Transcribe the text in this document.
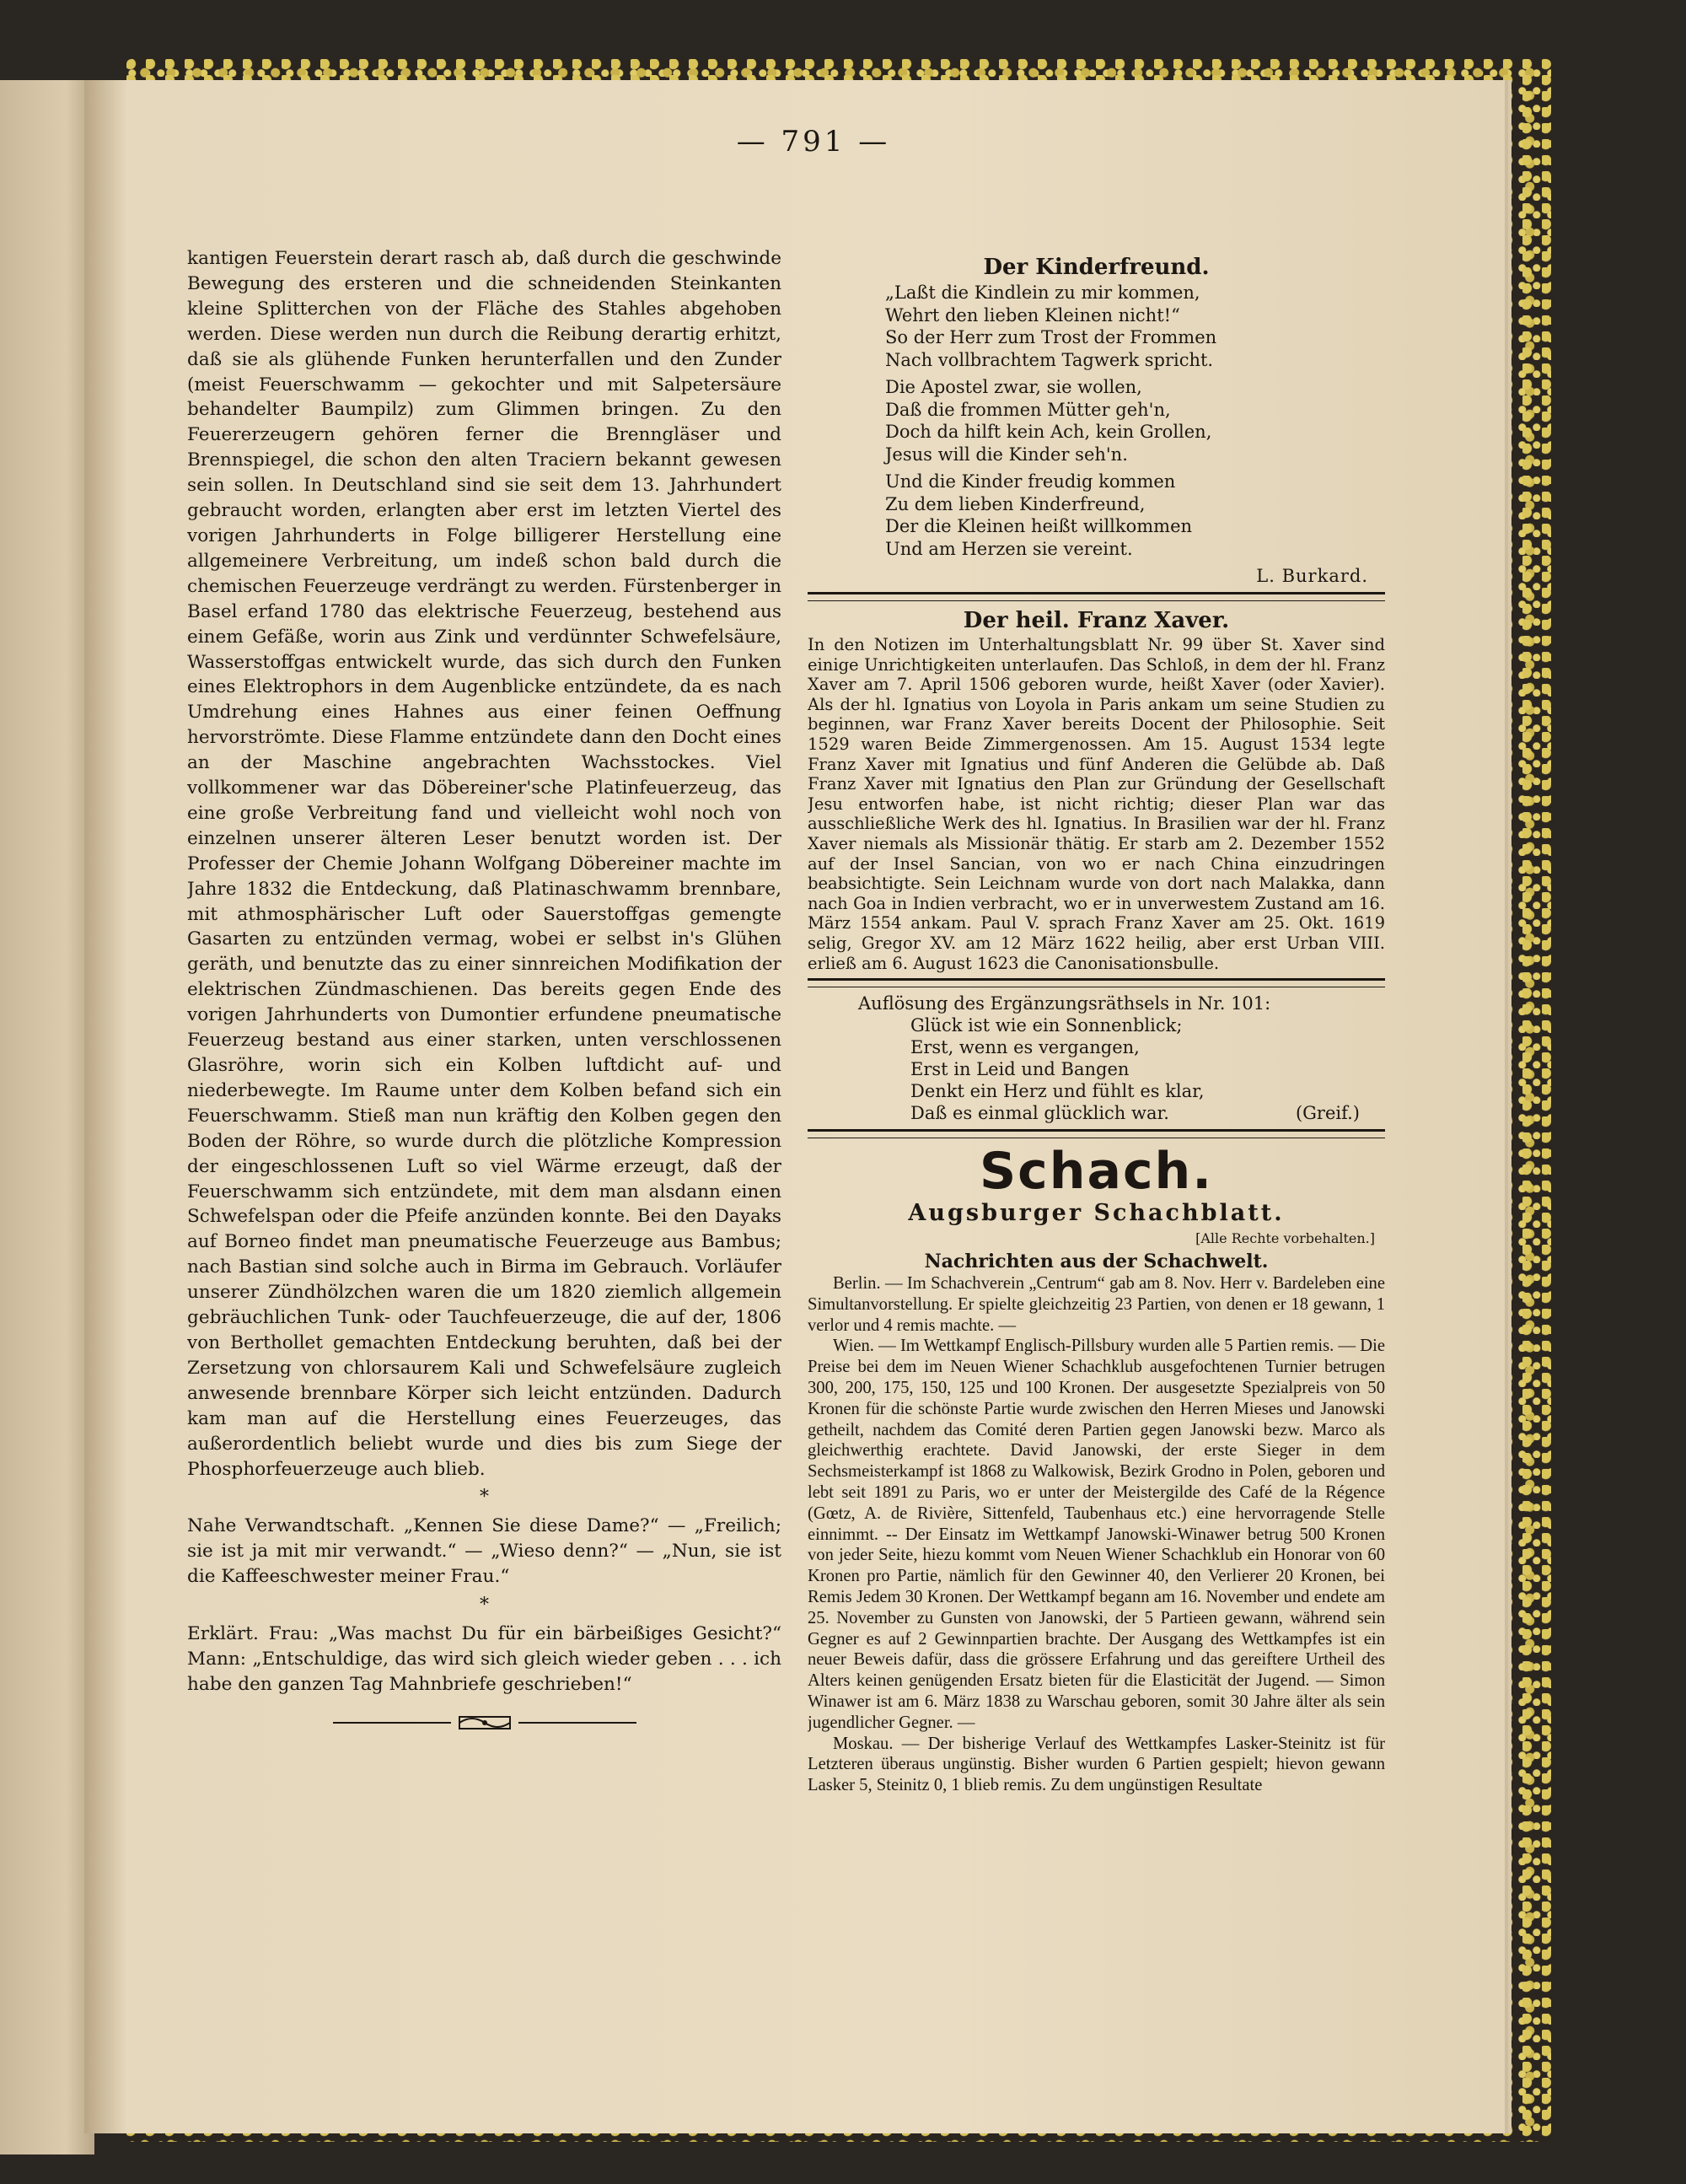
— 791 —

kantigen Feuerstein derart rasch ab, daß durch die geschwinde Bewegung des ersteren und die schneidenden Steinkanten kleine Splitterchen von der Fläche des Stahles abgehoben werden. Diese werden nun durch die Reibung derartig erhitzt, daß sie als glühende Funken herunterfallen und den Zunder (meist Feuerschwamm — gekochter und mit Salpetersäure behandelter Baumpilz) zum Glimmen bringen. Zu den Feuererzeugern gehören ferner die Brenngläser und Brennspiegel, die schon den alten Traciern bekannt gewesen sein sollen. In Deutschland sind sie seit dem 13. Jahrhundert gebraucht worden, erlangten aber erst im letzten Viertel des vorigen Jahrhunderts in Folge billigerer Herstellung eine allgemeinere Verbreitung, um indeß schon bald durch die chemischen Feuerzeuge verdrängt zu werden. Fürstenberger in Basel erfand 1780 das elektrische Feuerzeug, bestehend aus einem Gefäße, worin aus Zink und verdünnter Schwefelsäure, Wasserstoffgas entwickelt wurde, das sich durch den Funken eines Elektrophors in dem Augenblicke entzündete, da es nach Umdrehung eines Hahnes aus einer feinen Oeffnung hervorströmte. Diese Flamme entzündete dann den Docht eines an der Maschine angebrachten Wachsstockes. Viel vollkommener war das Döbereiner'sche Platinfeuerzeug, das eine große Verbreitung fand und vielleicht wohl noch von einzelnen unserer älteren Leser benutzt worden ist. Der Professer der Chemie Johann Wolfgang Döbereiner machte im Jahre 1832 die Entdeckung, daß Platinaschwamm brennbare, mit athmosphärischer Luft oder Sauerstoffgas gemengte Gasarten zu entzünden vermag, wobei er selbst in's Glühen geräth, und benutzte das zu einer sinnreichen Modifikation der elektrischen Zündmaschienen. Das bereits gegen Ende des vorigen Jahrhunderts von Dumontier erfundene pneumatische Feuerzeug bestand aus einer starken, unten verschlossenen Glasröhre, worin sich ein Kolben luftdicht auf- und niederbewegte. Im Raume unter dem Kolben befand sich ein Feuerschwamm. Stieß man nun kräftig den Kolben gegen den Boden der Röhre, so wurde durch die plötzliche Kompression der eingeschlossenen Luft so viel Wärme erzeugt, daß der Feuerschwamm sich entzündete, mit dem man alsdann einen Schwefelspan oder die Pfeife anzünden konnte. Bei den Dayaks auf Borneo findet man pneumatische Feuerzeuge aus Bambus; nach Bastian sind solche auch in Birma im Gebrauch. Vorläufer unserer Zündhölzchen waren die um 1820 ziemlich allgemein gebräuchlichen Tunk- oder Tauchfeuerzeuge, die auf der, 1806 von Berthollet gemachten Entdeckung beruhten, daß bei der Zersetzung von chlorsaurem Kali und Schwefelsäure zugleich anwesende brennbare Körper sich leicht entzünden. Dadurch kam man auf die Herstellung eines Feuerzeuges, das außerordentlich beliebt wurde und dies bis zum Siege der Phosphorfeuerzeuge auch blieb.

*

Nahe Verwandtschaft. „Kennen Sie diese Dame?“ — „Freilich; sie ist ja mit mir verwandt.“ — „Wieso denn?“ — „Nun, sie ist die Kaffeeschwester meiner Frau.“

*

Erklärt. Frau: „Was machst Du für ein bärbeißiges Gesicht?“ Mann: „Entschuldige, das wird sich gleich wieder geben . . . ich habe den ganzen Tag Mahnbriefe geschrieben!“

Der Kinderfreund.
„Laßt die Kindlein zu mir kommen,
Wehrt den lieben Kleinen nicht!“
So der Herr zum Trost der Frommen
Nach vollbrachtem Tagwerk spricht.
Die Apostel zwar, sie wollen,
Daß die frommen Mütter geh'n,
Doch da hilft kein Ach, kein Grollen,
Jesus will die Kinder seh'n.
Und die Kinder freudig kommen
Zu dem lieben Kinderfreund,
Der die Kleinen heißt willkommen
Und am Herzen sie vereint.
L. Burkard.
Der heil. Franz Xaver.

In den Notizen im Unterhaltungsblatt Nr. 99 über St. Xaver sind einige Unrichtigkeiten unterlaufen. Das Schloß, in dem der hl. Franz Xaver am 7. April 1506 geboren wurde, heißt Xaver (oder Xavier). Als der hl. Ignatius von Loyola in Paris ankam um seine Studien zu beginnen, war Franz Xaver bereits Docent der Philosophie. Seit 1529 waren Beide Zimmergenossen. Am 15. August 1534 legte Franz Xaver mit Ignatius und fünf Anderen die Gelübde ab. Daß Franz Xaver mit Ignatius den Plan zur Gründung der Gesellschaft Jesu entworfen habe, ist nicht richtig; dieser Plan war das ausschließliche Werk des hl. Ignatius. In Brasilien war der hl. Franz Xaver niemals als Missionär thätig. Er starb am 2. Dezember 1552 auf der Insel Sancian, von wo er nach China einzudringen beabsichtigte. Sein Leichnam wurde von dort nach Malakka, dann nach Goa in Indien verbracht, wo er in unverwestem Zustand am 16. März 1554 ankam. Paul V. sprach Franz Xaver am 25. Okt. 1619 selig, Gregor XV. am 12 März 1622 heilig, aber erst Urban VIII. erließ am 6. August 1623 die Canonisationsbulle.

Auflösung des Ergänzungsräthsels in Nr. 101:
Glück ist wie ein Sonnenblick;
Erst, wenn es vergangen,
Erst in Leid und Bangen
Denkt ein Herz und fühlt es klar,
Daß es einmal glücklich war.	(Greif.)
Schach.
Augsburger Schachblatt.
[Alle Rechte vorbehalten.]
Nachrichten aus der Schachwelt.

Berlin. — Im Schachverein „Centrum“ gab am 8. Nov. Herr v. Bardeleben eine Simultanvorstellung. Er spielte gleichzeitig 23 Partien, von denen er 18 gewann, 1 verlor und 4 remis machte. —

Wien. — Im Wettkampf Englisch-Pillsbury wurden alle 5 Partien remis. — Die Preise bei dem im Neuen Wiener Schachklub ausgefochtenen Turnier betrugen 300, 200, 175, 150, 125 und 100 Kronen. Der ausgesetzte Spezialpreis von 50 Kronen für die schönste Partie wurde zwischen den Herren Mieses und Janowski getheilt, nachdem das Comité deren Partien gegen Janowski bezw. Marco als gleichwerthig erachtete. David Janowski, der erste Sieger in dem Sechsmeisterkampf ist 1868 zu Walkowisk, Bezirk Grodno in Polen, geboren und lebt seit 1891 zu Paris, wo er unter der Meistergilde des Café de la Régence (Gœtz, A. de Rivière, Sittenfeld, Taubenhaus etc.) eine hervorragende Stelle einnimmt. -- Der Einsatz im Wettkampf Janowski-Winawer betrug 500 Kronen von jeder Seite, hiezu kommt vom Neuen Wiener Schachklub ein Honorar von 60 Kronen pro Partie, nämlich für den Gewinner 40, den Verlierer 20 Kronen, bei Remis Jedem 30 Kronen. Der Wettkampf begann am 16. November und endete am 25. November zu Gunsten von Janowski, der 5 Partieen gewann, während sein Gegner es auf 2 Gewinnpartien brachte. Der Ausgang des Wettkampfes ist ein neuer Beweis dafür, dass die grössere Erfahrung und das gereiftere Urtheil des Alters keinen genügenden Ersatz bieten für die Elasticität der Jugend. — Simon Winawer ist am 6. März 1838 zu Warschau geboren, somit 30 Jahre älter als sein jugendlicher Gegner. —

Moskau. — Der bisherige Verlauf des Wettkampfes Lasker-Steinitz ist für Letzteren überaus ungünstig. Bisher wurden 6 Partien gespielt; hievon gewann Lasker 5, Steinitz 0, 1 blieb remis. Zu dem ungünstigen Resultate
